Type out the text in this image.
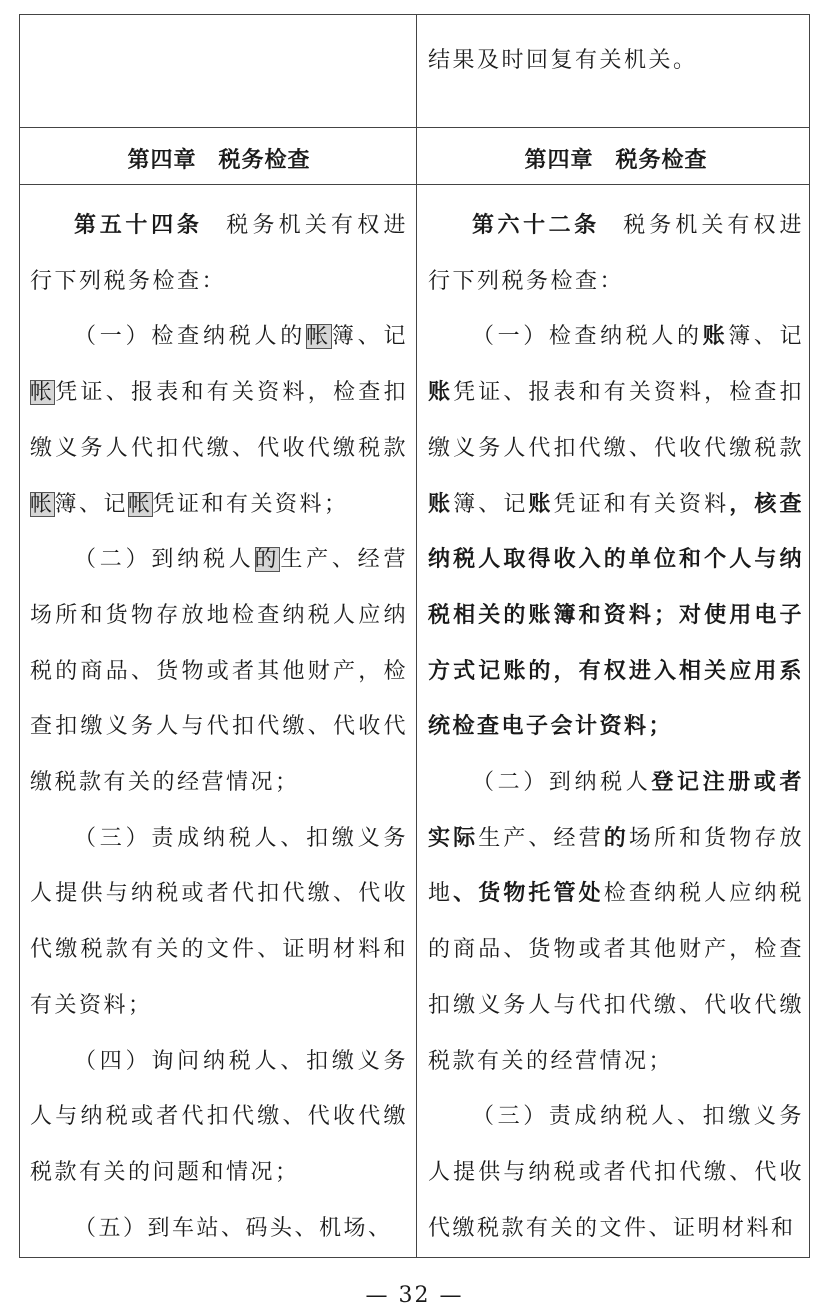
结果及时回复有关机关。

第四章 税务检查	第四章 税务检查

第五十四条 税务机关有权进行下列税务检查：

（一）检查纳税人的帐簿、记帐凭证、报表和有关资料，检查扣缴义务人代扣代缴、代收代缴税款帐簿、记帐凭证和有关资料；

（二）到纳税人的生产、经营场所和货物存放地检查纳税人应纳税的商品、货物或者其他财产，检查扣缴义务人与代扣代缴、代收代缴税款有关的经营情况；

（三）责成纳税人、扣缴义务人提供与纳税或者代扣代缴、代收代缴税款有关的文件、证明材料和有关资料；

（四）询问纳税人、扣缴义务人与纳税或者代扣代缴、代收代缴税款有关的问题和情况；

（五）到车站、码头、机场、

第六十二条 税务机关有权进行下列税务检查：

（一）检查纳税人的账簿、记账凭证、报表和有关资料，检查扣缴义务人代扣代缴、代收代缴税款账簿、记账凭证和有关资料，核查纳税人取得收入的单位和个人与纳税相关的账簿和资料；对使用电子方式记账的，有权进入相关应用系统检查电子会计资料；

（二）到纳税人登记注册或者实际生产、经营的场所和货物存放地、货物托管处检查纳税人应纳税的商品、货物或者其他财产，检查扣缴义务人与代扣代缴、代收代缴税款有关的经营情况；

（三）责成纳税人、扣缴义务人提供与纳税或者代扣代缴、代收代缴税款有关的文件、证明材料和

— 32 —
